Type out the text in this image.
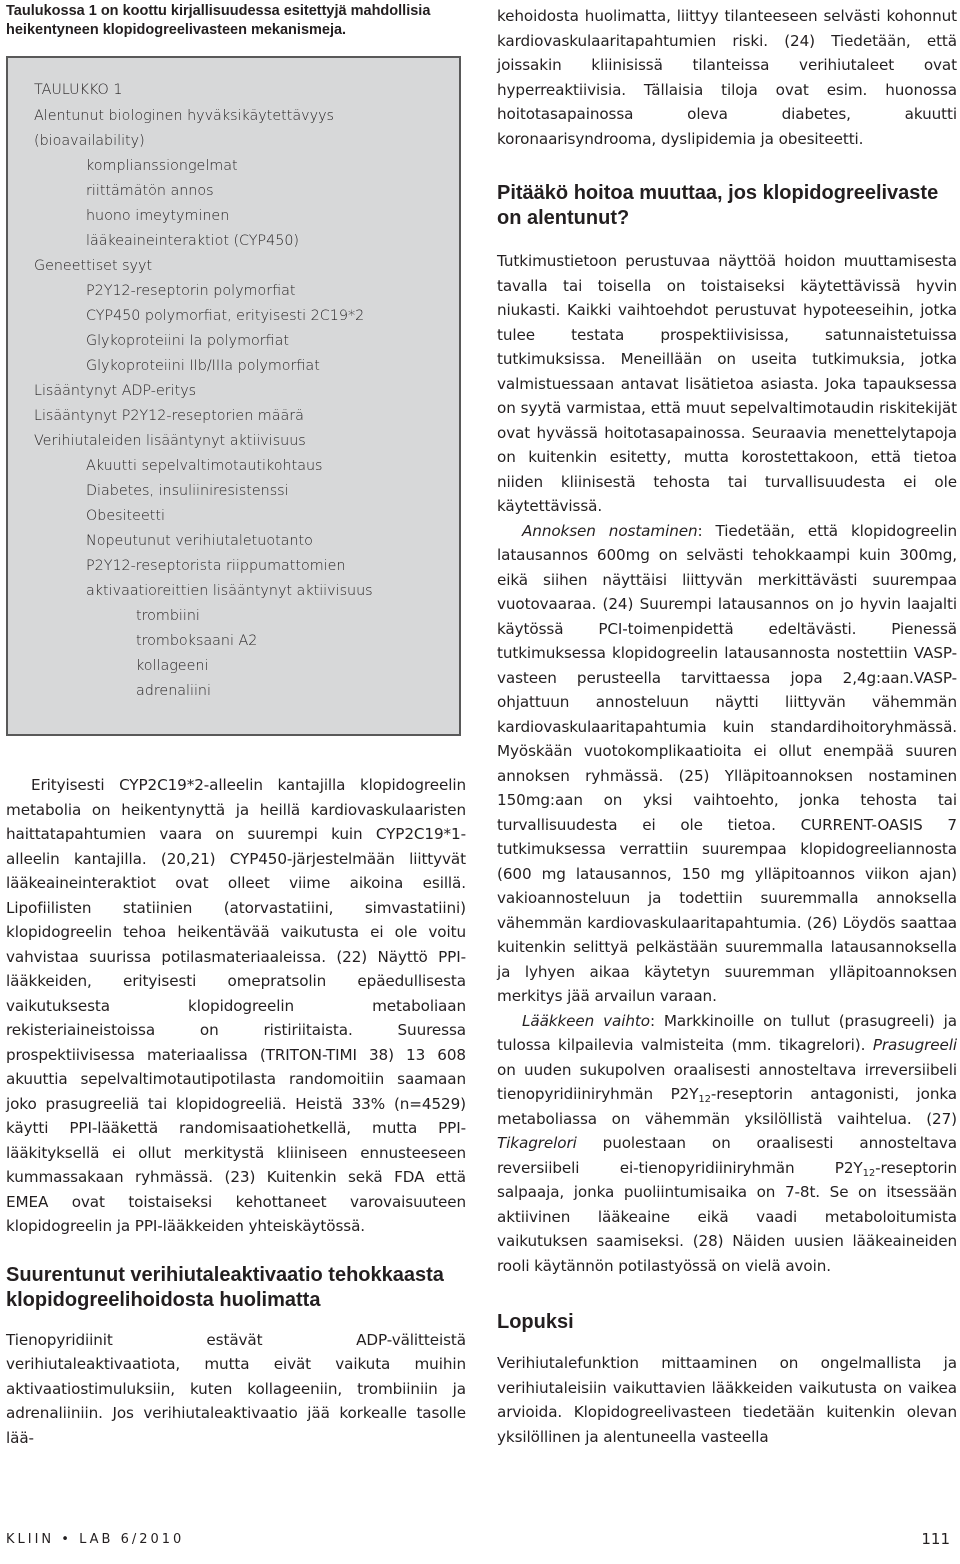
Taulukossa 1 on koottu kirjallisuudessa esitettyjä mahdollisia heikentyneen klopidogreelivasteen mekanismeja.

TAULUKKO 1
Alentunut biologinen hyväksikäytettävyys
(bioavailability)
komplianssiongelmat
riittämätön annos
huono imeytyminen
lääkeaineinteraktiot (CYP450)
Geneettiset syyt
P2Y12-reseptorin polymorfiat
CYP450 polymorfiat, erityisesti 2C19*2
Glykoproteiini Ia polymorfiat
Glykoproteiini IIb/IIIa polymorfiat
Lisääntynyt ADP-eritys
Lisääntynyt P2Y12-reseptorien määrä
Verihiutaleiden lisääntynyt aktiivisuus
Akuutti sepelvaltimotautikohtaus
Diabetes, insuliiniresistenssi
Obesiteetti
Nopeutunut verihiutaletuotanto
P2Y12-reseptorista riippumattomien
aktivaatioreittien lisääntynyt aktiivisuus
trombiini
tromboksaani A2
kollageeni
adrenaliini

Erityisesti CYP2C19*2-alleelin kantajilla klopidogreelin metabolia on heikentynyttä ja heillä kardiovaskulaaristen haittatapahtumien vaara on suurempi kuin CYP2C19*1-alleelin kantajilla. (20,21) CYP450-järjestelmään liittyvät lääkeaineinteraktiot ovat olleet viime aikoina esillä. Lipofiilisten statiinien (atorvastatiini, simvastatiini) klopidogreelin tehoa heikentävää vaikutusta ei ole voitu vahvistaa suurissa potilasmateriaaleissa. (22) Näyttö PPI-lääkkeiden, erityisesti omepratsolin epäedullisesta vaikutuksesta klopidogreelin metaboliaan rekisteriaineistoissa on ristiriitaista. Suuressa prospektiivisessa materiaalissa (TRITON-TIMI 38) 13 608 akuuttia sepelvaltimotautipotilasta randomoitiin saamaan joko prasugreeliä tai klopidogreeliä. Heistä 33% (n=4529) käytti PPI-lääkettä randomisaatiohetkellä, mutta PPI-lääkityksellä ei ollut merkitystä kliiniseen ennusteeseen kummassakaan ryhmässä. (23) Kuitenkin sekä FDA että EMEA ovat toistaiseksi kehottaneet varovaisuuteen klopidogreelin ja PPI-lääkkeiden yhteiskäytössä.

Suurentunut verihiutaleaktivaatio tehokkaasta klopidogreelihoidosta huolimatta

Tienopyridiinit estävät ADP-välitteistä verihiutaleaktivaatiota, mutta eivät vaikuta muihin aktivaatiostimuluksiin, kuten kollageeniin, trombiiniin ja adrenaliiniin. Jos verihiutaleaktivaatio jää korkealle tasolle lää-

kehoidosta huolimatta, liittyy tilanteeseen selvästi kohonnut kardiovaskulaaritapahtumien riski. (24) Tiedetään, että joissakin kliinisissä tilanteissa verihiutaleet ovat hyperreaktiivisia. Tällaisia tiloja ovat esim. huonossa hoitotasapainossa oleva diabetes, akuutti koronaarisyndrooma, dyslipidemia ja obesiteetti.

Pitääkö hoitoa muuttaa, jos klopidogreelivaste on alentunut?

Tutkimustietoon perustuvaa näyttöä hoidon muuttamisesta tavalla tai toisella on toistaiseksi käytettävissä hyvin niukasti. Kaikki vaihtoehdot perustuvat hypoteeseihin, jotka tulee testata prospektiivisissa, satunnaistetuissa tutkimuksissa. Meneillään on useita tutkimuksia, jotka valmistuessaan antavat lisätietoa asiasta. Joka tapauksessa on syytä varmistaa, että muut sepelvaltimotaudin riskitekijät ovat hyvässä hoitotasapainossa. Seuraavia menettelytapoja on kuitenkin esitetty, mutta korostettakoon, että tietoa niiden kliinisestä tehosta tai turvallisuudesta ei ole käytettävissä.

Annoksen nostaminen: Tiedetään, että klopidogreelin latausannos 600mg on selvästi tehokkaampi kuin 300mg, eikä siihen näyttäisi liittyvän merkittävästi suurempaa vuotovaaraa. (24) Suurempi latausannos on jo hyvin laajalti käytössä PCI-toimenpidettä edeltävästi. Pienessä tutkimuksessa klopidogreelin latausannosta nostettiin VASP-vasteen perusteella tarvittaessa jopa 2,4g:aan.VASP-ohjattuun annosteluun näytti liittyvän vähemmän kardiovaskulaaritapahtumia kuin standardihoitoryhmässä. Myöskään vuotokomplikaatioita ei ollut enempää suuren annoksen ryhmässä. (25) Ylläpitoannoksen nostaminen 150mg:aan on yksi vaihtoehto, jonka tehosta tai turvallisuudesta ei ole tietoa. CURRENT-OASIS 7 tutkimuksessa verrattiin suurempaa klopidogreeliannosta (600 mg latausannos, 150 mg ylläpitoannos viikon ajan) vakioannosteluun ja todettiin suuremmalla annoksella vähemmän kardiovaskulaaritapahtumia. (26) Löydös saattaa kuitenkin selittyä pelkästään suuremmalla latausannoksella ja lyhyen aikaa käytetyn suuremman ylläpitoannoksen merkitys jää arvailun varaan.

Lääkkeen vaihto: Markkinoille on tullut (prasugreeli) ja tulossa kilpailevia valmisteita (mm. tikagrelori). Prasugreeli on uuden sukupolven oraalisesti annosteltava irreversiibeli tienopyridiiniryhmän $P2Y_{12}$-reseptorin antagonisti, jonka metaboliassa on vähemmän yksilöllistä vaihtelua. (27) Tikagrelori puolestaan on oraalisesti annosteltava reversiibeli ei-tienopyridiiniryhmän $P2Y_{12}$-reseptorin salpaaja, jonka puoliintumisaika on 7-8t. Se on itsessään aktiivinen lääkeaine eikä vaadi metaboloitumista vaikutuksen saamiseksi. (28) Näiden uusien lääkeaineiden rooli käytännön potilastyössä on vielä avoin.

Lopuksi

Verihiutalefunktion mittaaminen on ongelmallista ja verihiutaleisiin vaikuttavien lääkkeiden vaikutusta on vaikea arvioida. Klopidogreelivasteen tiedetään kuitenkin olevan yksilöllinen ja alentuneella vasteella

KLIIN • LAB 6/2010	111
